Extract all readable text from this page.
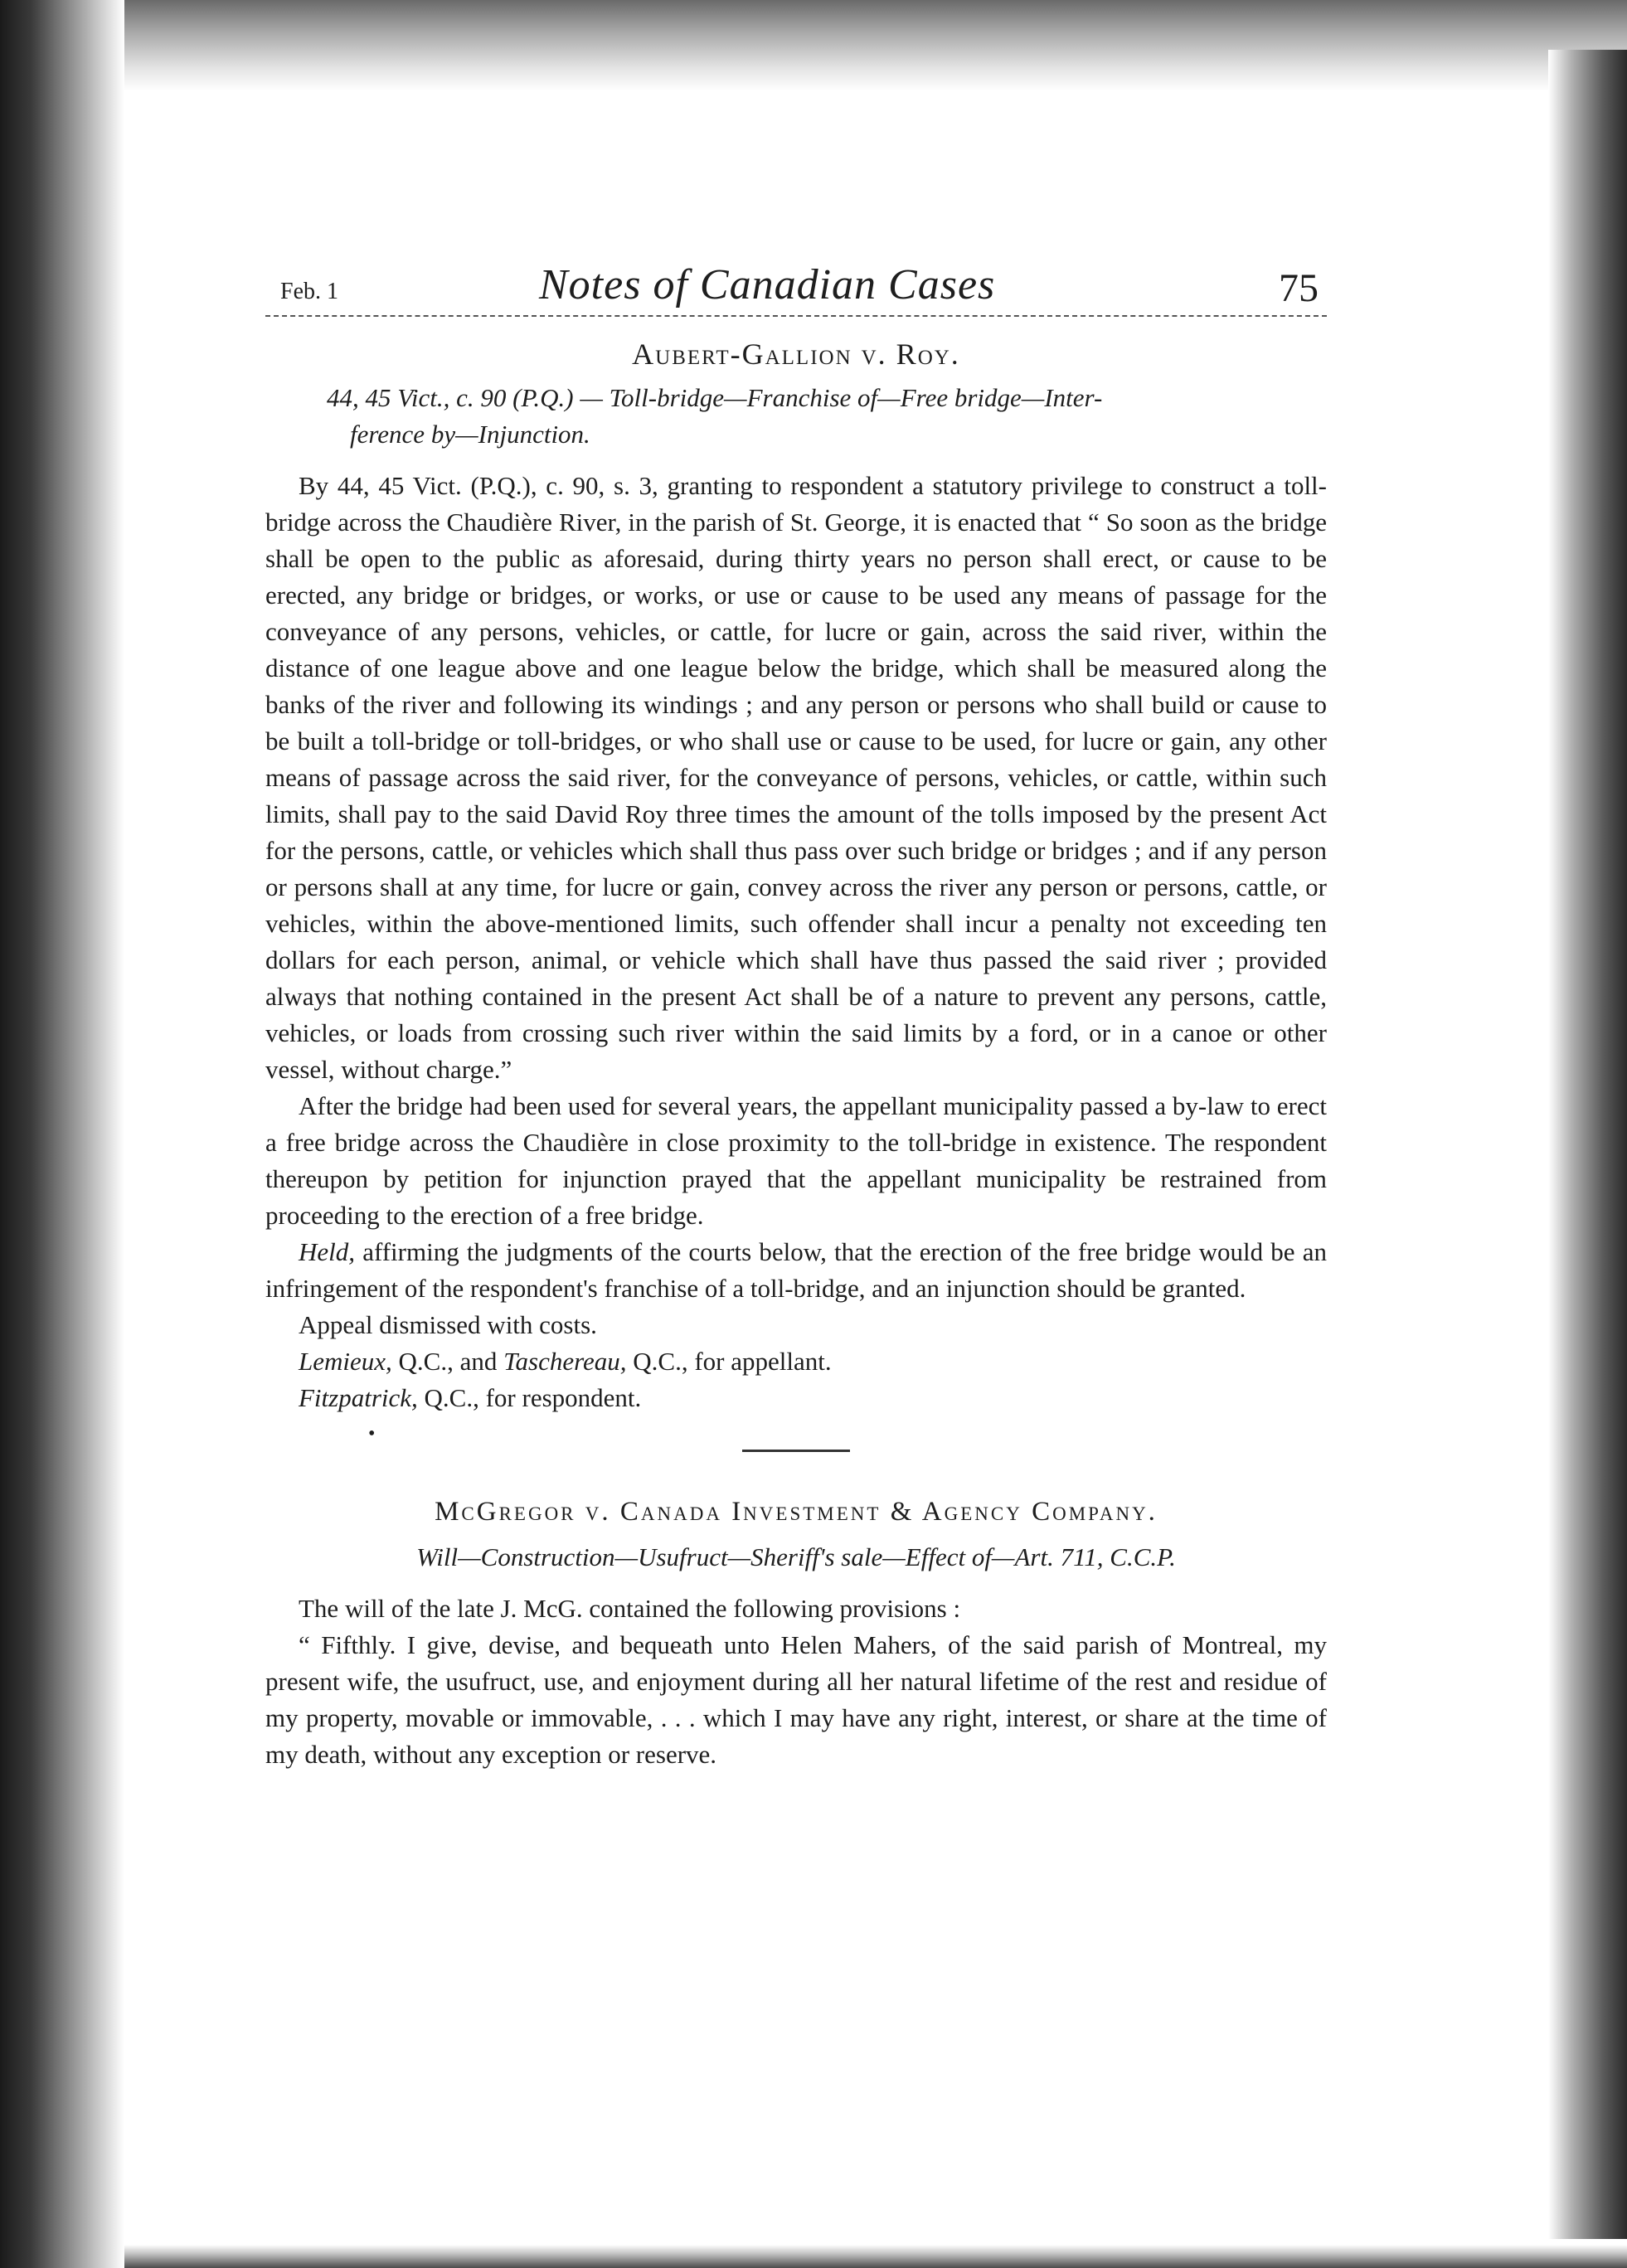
Feb. 1	Notes of Canadian Cases	75
Aubert-Gallion v. Roy.
44, 45 Vict., c. 90 (P.Q.) — Toll-bridge—Franchise of—Free bridge—Inter-
ference by—Injunction.

By 44, 45 Vict. (P.Q.), c. 90, s. 3, granting to respondent a statutory privilege to construct a toll-bridge across the Chaudière River, in the parish of St. George, it is enacted that “ So soon as the bridge shall be open to the public as aforesaid, during thirty years no person shall erect, or cause to be erected, any bridge or bridges, or works, or use or cause to be used any means of passage for the conveyance of any persons, vehicles, or cattle, for lucre or gain, across the said river, within the distance of one league above and one league below the bridge, which shall be measured along the banks of the river and following its windings ; and any person or persons who shall build or cause to be built a toll-bridge or toll-bridges, or who shall use or cause to be used, for lucre or gain, any other means of passage across the said river, for the conveyance of persons, vehicles, or cattle, within such limits, shall pay to the said David Roy three times the amount of the tolls imposed by the present Act for the persons, cattle, or vehicles which shall thus pass over such bridge or bridges ; and if any person or persons shall at any time, for lucre or gain, convey across the river any person or persons, cattle, or vehicles, within the above-mentioned limits, such offender shall incur a penalty not exceeding ten dollars for each person, animal, or vehicle which shall have thus passed the said river ; provided always that nothing contained in the present Act shall be of a nature to prevent any persons, cattle, vehicles, or loads from crossing such river within the said limits by a ford, or in a canoe or other vessel, without charge.”

After the bridge had been used for several years, the appellant municipality passed a by-law to erect a free bridge across the Chaudière in close proximity to the toll-bridge in existence. The respondent thereupon by petition for injunction prayed that the appellant municipality be restrained from proceeding to the erection of a free bridge.

Held, affirming the judgments of the courts below, that the erection of the free bridge would be an infringement of the respondent's franchise of a toll-bridge, and an injunction should be granted.

Appeal dismissed with costs.
Lemieux, Q.C., and Taschereau, Q.C., for appellant.
Fitzpatrick, Q.C., for respondent.
•
McGregor v. Canada Investment & Agency Company.
Will—Construction—Usufruct—Sheriff's sale—Effect of—Art. 711, C.C.P.

The will of the late J. McG. contained the following provisions :

“ Fifthly. I give, devise, and bequeath unto Helen Mahers, of the said parish of Montreal, my present wife, the usufruct, use, and enjoyment during all her natural lifetime of the rest and residue of my property, movable or immovable, . . . which I may have any right, interest, or share at the time of my death, without any exception or reserve.
